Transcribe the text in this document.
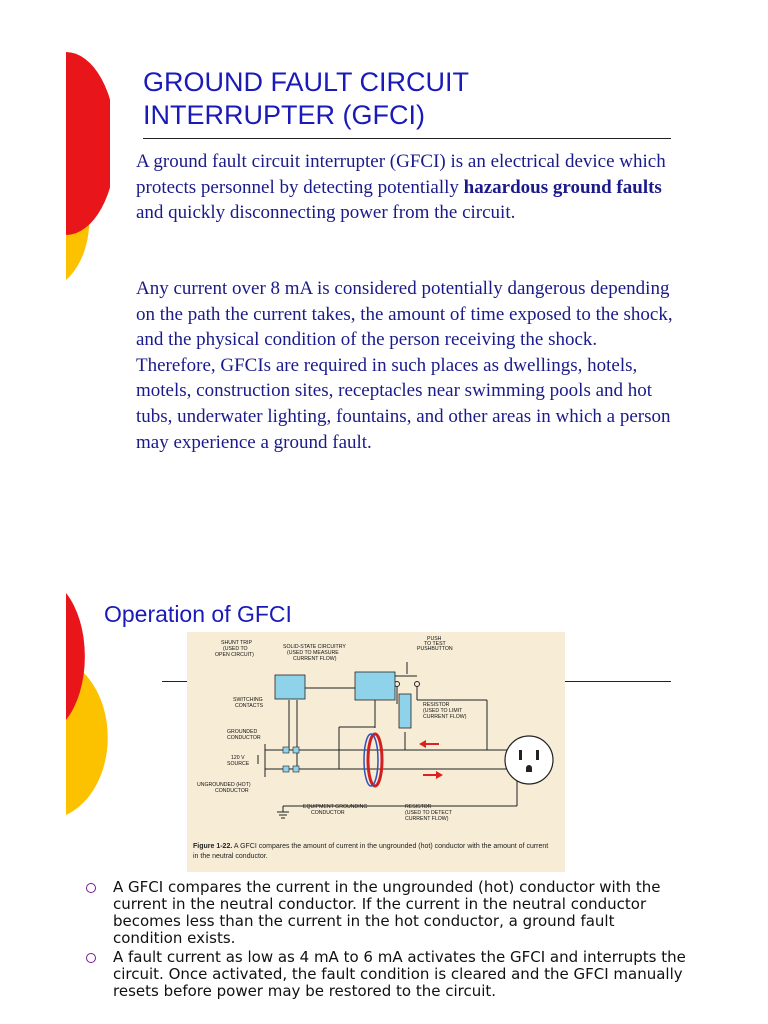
GROUND FAULT CIRCUIT
INTERRUPTER (GFCI)

A ground fault circuit interrupter (GFCI) is an electrical device which protects personnel by detecting potentially hazardous ground faults and quickly disconnecting power from the circuit.

Any current over 8 mA is considered potentially dangerous depending on the path the current takes, the amount of time exposed to the shock, and the physical condition of the person receiving the shock. Therefore, GFCIs are required in such places as dwellings, hotels, motels, construction sites, receptacles near swimming pools and hot tubs, underwater lighting, fountains, and other areas in which a person may experience a ground fault.

Operation of GFCI
SHUNT TRIP (USED TO OPEN CIRCUIT)
SOLID-STATE CIRCUITRY (USED TO MEASURE CURRENT FLOW)
PUSH TO TEST PUSHBUTTON
SWITCHING CONTACTS	RESISTOR (USED TO LIMIT CURRENT FLOW)
GROUNDED CONDUCTOR
120 V SOURCE
UNGROUNDED (HOT) CONDUCTOR
EQUIPMENT GROUNDING CONDUCTOR
RESISTOR (USED TO DETECT CURRENT FLOW)
Figure 1-22. A GFCI compares the amount of current in the ungrounded (hot) conductor with the amount of current in the neutral conductor.
A GFCI compares the current in the ungrounded (hot) conductor with the current in the neutral conductor. If the current in the neutral conductor becomes less than the current in the hot conductor, a ground fault condition exists.
A fault current as low as 4 mA to 6 mA activates the GFCI and interrupts the circuit. Once activated, the fault condition is cleared and the GFCI manually resets before power may be restored to the circuit.
